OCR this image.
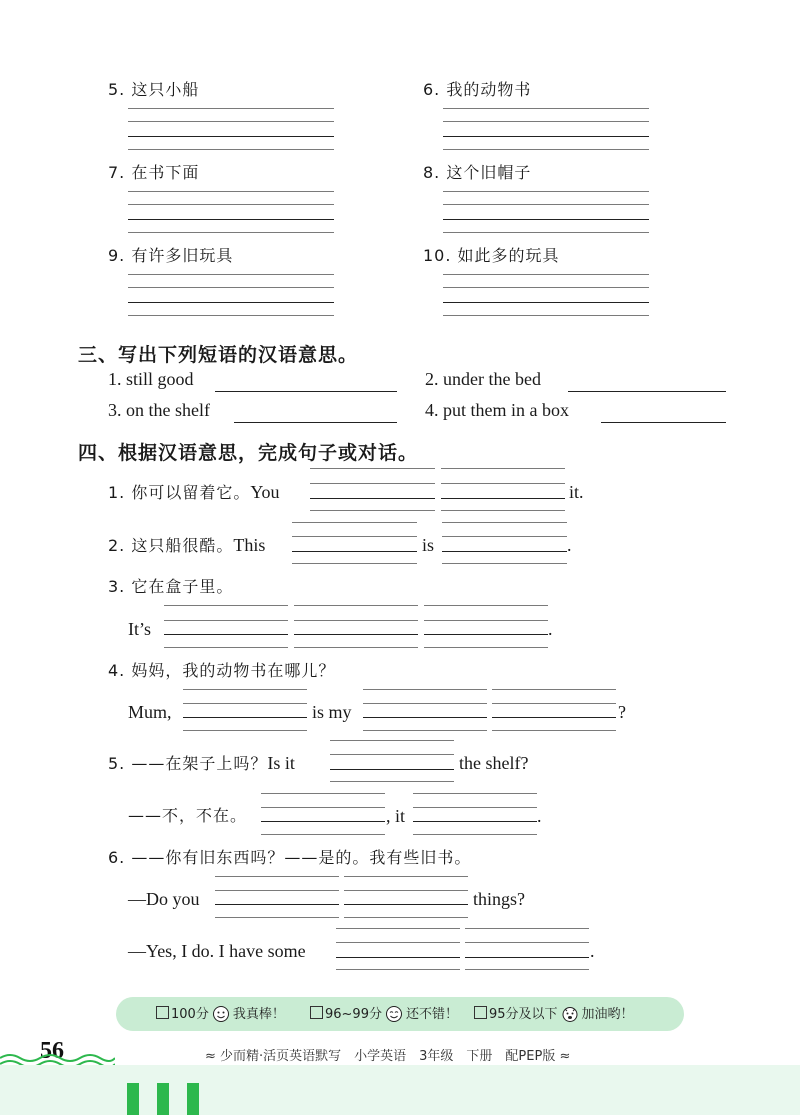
5. 这只小船	6. 我的动物书
7. 在书下面	8. 这个旧帽子
9. 有许多旧玩具	10. 如此多的玩具
三、写出下列短语的汉语意思。
1. still good	2. under the bed
3. on the shelf	4. put them in a box
四、根据汉语意思，完成句子或对话。
1. 你可以留着它。You	it.
2. 这只船很酷。This	is	.
3. 它在盒子里。
It’s	.
4. 妈妈，我的动物书在哪儿？
Mum,	is my	?
5. ——在架子上吗？Is it	the shelf?
——不，不在。	, it	.
6. ——你有旧东西吗？——是的。我有些旧书。
—Do you	things?
—Yes, I do. I have some	.
100分 我真棒！	96~99分 还不错！	95分及以下 加油哟！
56	≈ 少而精·活页英语默写　小学英语　3年级　下册　配PEP版 ≈
